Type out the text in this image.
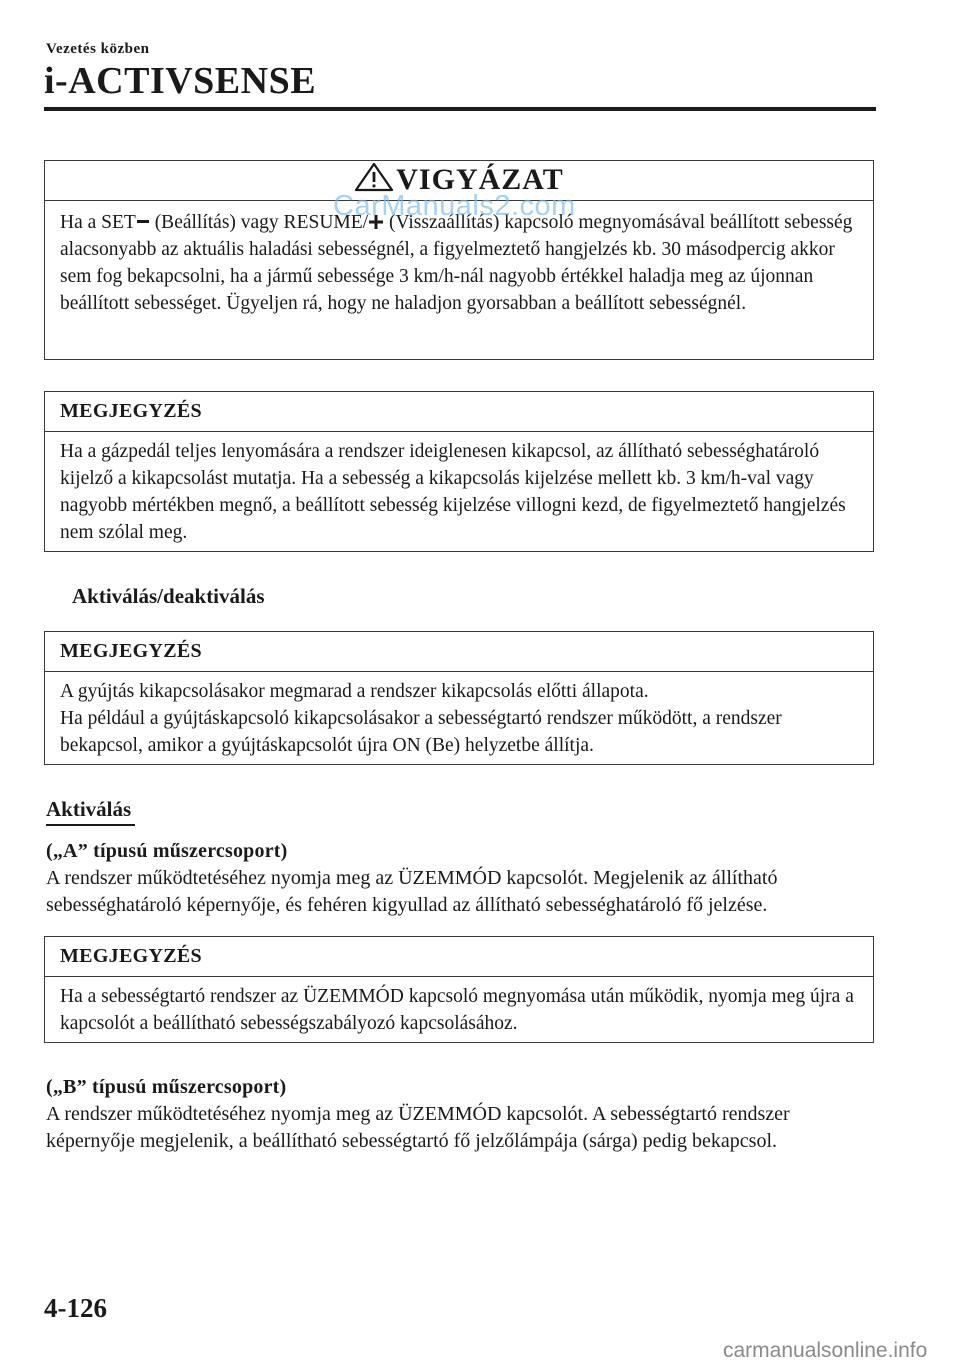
Vezetés közben
i-ACTIVSENSE
VIGYÁZAT
Ha a SET (Beállítás) vagy RESUME/ (Visszaállítás) kapcsoló megnyomásával beállított sebesség alacsonyabb az aktuális haladási sebességnél, a figyelmeztető hangjelzés kb. 30 másodpercig akkor sem fog bekapcsolni, ha a jármű sebessége 3 km/h-nál nagyobb értékkel haladja meg az újonnan beállított sebességet. Ügyeljen rá, hogy ne haladjon gyorsabban a beállított sebességnél.
CarManuals2.com
MEGJEGYZÉS
Ha a gázpedál teljes lenyomására a rendszer ideiglenesen kikapcsol, az állítható sebességhatároló kijelző a kikapcsolást mutatja. Ha a sebesség a kikapcsolás kijelzése mellett kb. 3 km/h-val vagy nagyobb mértékben megnő, a beállított sebesség kijelzése villogni kezd, de figyelmeztető hangjelzés nem szólal meg.
Aktiválás/deaktiválás
MEGJEGYZÉS
A gyújtás kikapcsolásakor megmarad a rendszer kikapcsolás előtti állapota.
Ha például a gyújtáskapcsoló kikapcsolásakor a sebességtartó rendszer működött, a rendszer bekapcsol, amikor a gyújtáskapcsolót újra ON (Be) helyzetbe állítja.
Aktiválás
(„A” típusú műszercsoport)
A rendszer működtetéséhez nyomja meg az ÜZEMMÓD kapcsolót. Megjelenik az állítható sebességhatároló képernyője, és fehéren kigyullad az állítható sebességhatároló fő jelzése.
MEGJEGYZÉS
Ha a sebességtartó rendszer az ÜZEMMÓD kapcsoló megnyomása után működik, nyomja meg újra a kapcsolót a beállítható sebességszabályozó kapcsolásához.
(„B” típusú műszercsoport)
A rendszer működtetéséhez nyomja meg az ÜZEMMÓD kapcsolót. A sebességtartó rendszer képernyője megjelenik, a beállítható sebességtartó fő jelzőlámpája (sárga) pedig bekapcsol.
4-126
carmanualsonline.info
